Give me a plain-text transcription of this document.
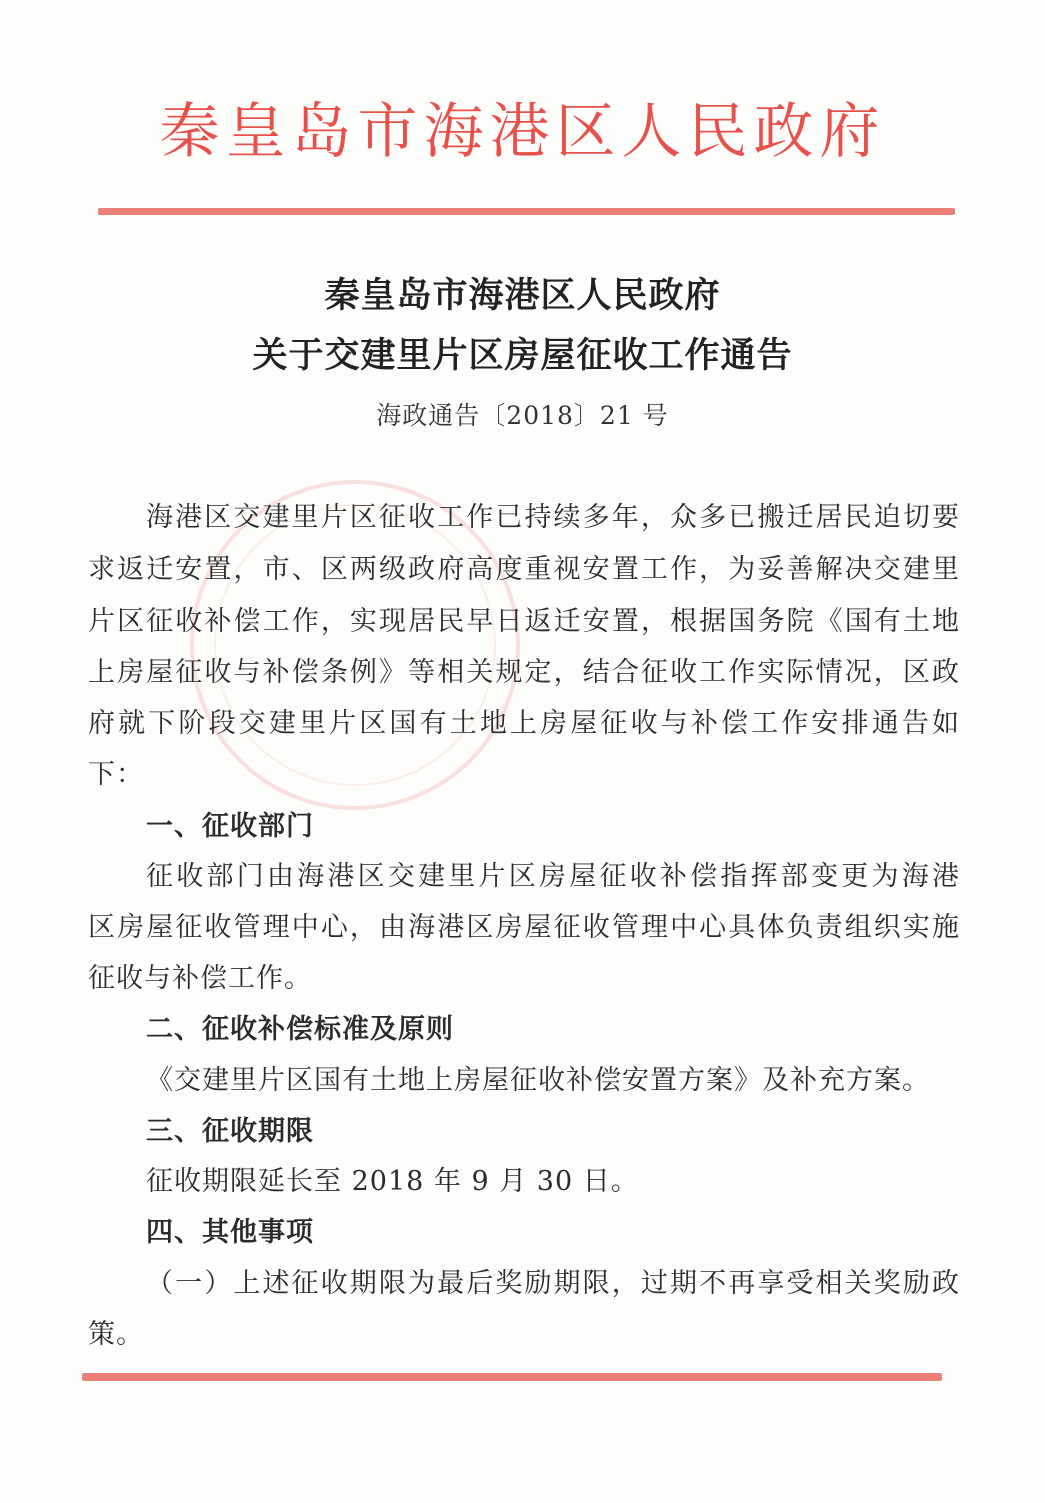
秦皇岛市海港区人民政府
秦皇岛市海港区人民政府
关于交建里片区房屋征收工作通告
海政通告〔2018〕21 号
海港区交建里片区征收工作已持续多年，众多已搬迁居民迫切要
求返迁安置，市、区两级政府高度重视安置工作，为妥善解决交建里
片区征收补偿工作，实现居民早日返迁安置，根据国务院《国有土地
上房屋征收与补偿条例》等相关规定，结合征收工作实际情况，区政
府就下阶段交建里片区国有土地上房屋征收与补偿工作安排通告如
下：
一、征收部门
征收部门由海港区交建里片区房屋征收补偿指挥部变更为海港
区房屋征收管理中心，由海港区房屋征收管理中心具体负责组织实施
征收与补偿工作。
二、征收补偿标准及原则
《交建里片区国有土地上房屋征收补偿安置方案》及补充方案。
三、征收期限
征收期限延长至 2018 年 9 月 30 日。
四、其他事项
（一）上述征收期限为最后奖励期限，过期不再享受相关奖励政
策。
